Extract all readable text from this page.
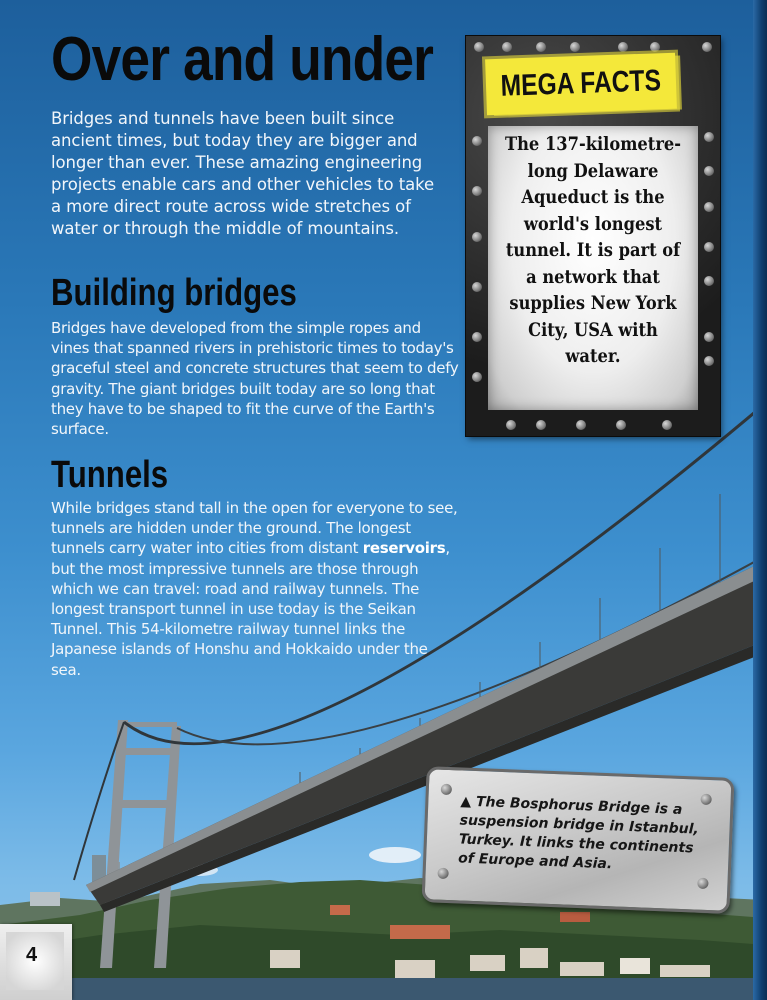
Over and under

Bridges and tunnels have been built since ancient times, but today they are bigger and longer than ever. These amazing engineering projects enable cars and other vehicles to take a more direct route across wide stretches of water or through the middle of mountains.

Building bridges

Bridges have developed from the simple ropes and vines that spanned rivers in prehistoric times to today's graceful steel and concrete structures that seem to defy gravity. The giant bridges built today are so long that they have to be shaped to fit the curve of the Earth's surface.

Tunnels

While bridges stand tall in the open for everyone to see, tunnels are hidden under the ground. The longest tunnels carry water into cities from distant reservoirs, but the most impressive tunnels are those through which we can travel: road and railway tunnels. The longest transport tunnel in use today is the Seikan Tunnel. This 54-kilometre railway tunnel links the Japanese islands of Honshu and Hokkaido under the sea.

MEGA FACTS

The 137-kilometre-long Delaware Aqueduct is the world's longest tunnel. It is part of a network that supplies New York City, USA with water.

▲ The Bosphorus Bridge is a suspension bridge in Istanbul, Turkey. It links the continents of Europe and Asia.

4
